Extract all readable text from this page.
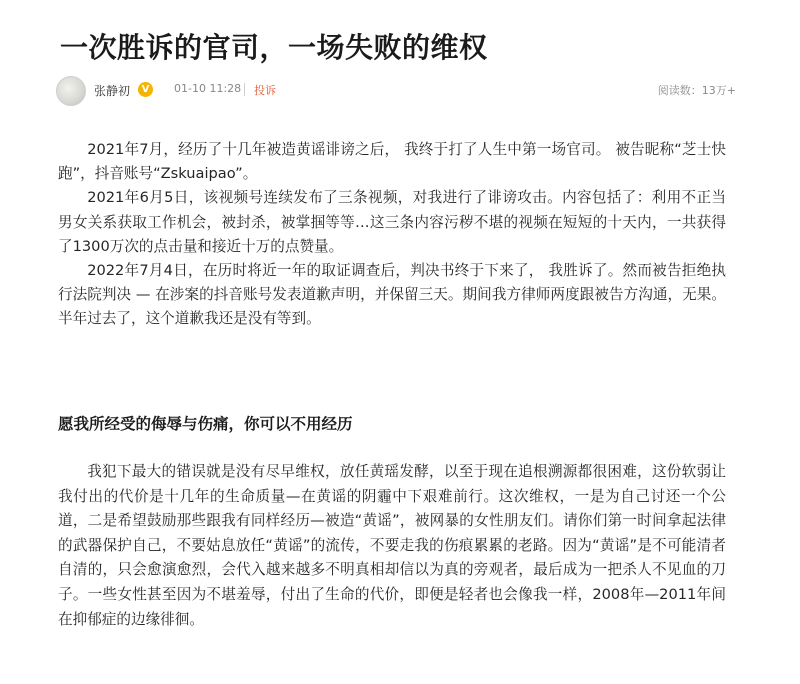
一次胜诉的官司，一场失败的维权
张静初	V	01-10 11:28 投诉	阅读数：13万+

2021年7月，经历了十几年被造黄谣诽谤之后， 我终于打了人生中第一场官司。 被告昵称“芝士快跑”，抖音账号“Zskuaipao”。

2021年6月5日，该视频号连续发布了三条视频，对我进行了诽谤攻击。内容包括了：利用不正当男女关系获取工作机会，被封杀，被掌掴等等…这三条内容污秽不堪的视频在短短的十天内，一共获得了1300万次的点击量和接近十万的点赞量。

2022年7月4日，在历时将近一年的取证调查后，判决书终于下来了， 我胜诉了。然而被告拒绝执行法院判决 — 在涉案的抖音账号发表道歉声明，并保留三天。期间我方律师两度跟被告方沟通，无果。半年过去了，这个道歉我还是没有等到。

愿我所经受的侮辱与伤痛，你可以不用经历

我犯下最大的错误就是没有尽早维权，放任黄瑶发酵，以至于现在追根溯源都很困难，这份软弱让我付出的代价是十几年的生命质量—在黄谣的阴霾中下艰难前行。这次维权，一是为自己讨还一个公道，二是希望鼓励那些跟我有同样经历—被造“黄谣”，被网暴的女性朋友们。请你们第一时间拿起法律的武器保护自己，不要姑息放任“黄谣”的流传，不要走我的伤痕累累的老路。因为“黄谣”是不可能清者自清的，只会愈演愈烈，会代入越来越多不明真相却信以为真的旁观者，最后成为一把杀人不见血的刀子。一些女性甚至因为不堪羞辱，付出了生命的代价，即便是轻者也会像我一样，2008年—2011年间在抑郁症的边缘徘徊。
